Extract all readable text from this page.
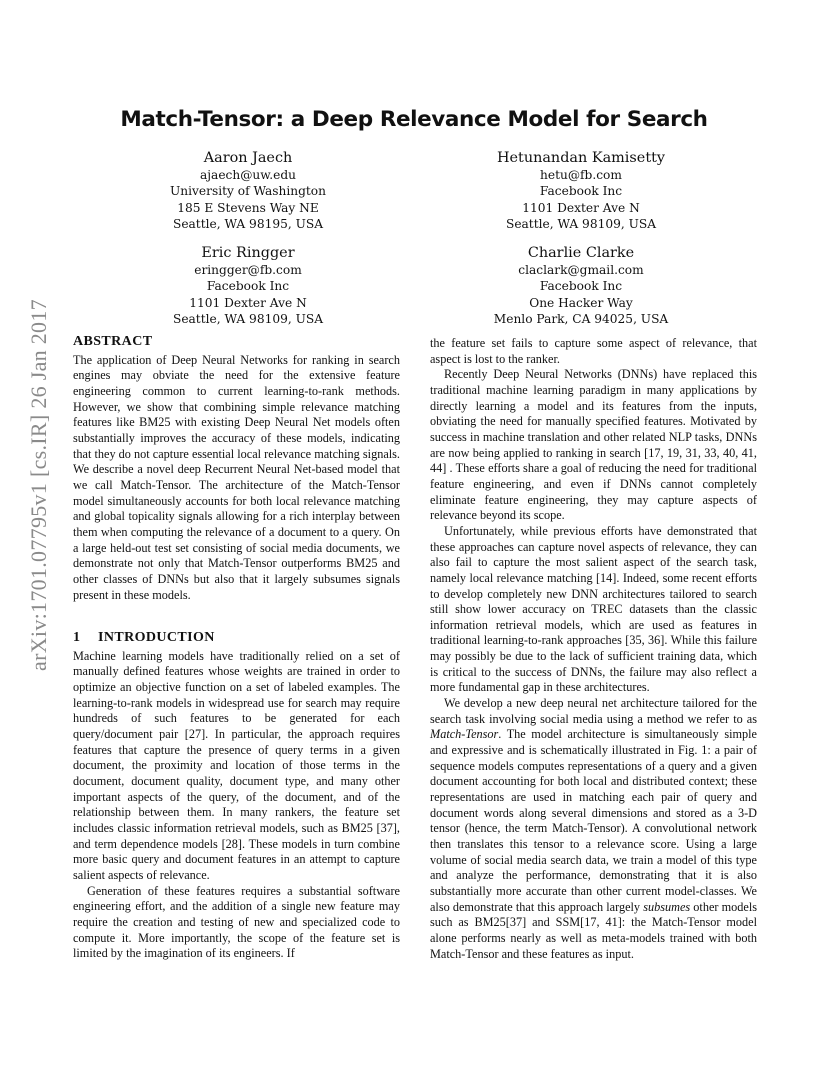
arXiv:1701.07795v1 [cs.IR] 26 Jan 2017
Match-Tensor: a Deep Relevance Model for Search
Aaron Jaech
ajaech@uw.edu
University of Washington
185 E Stevens Way NE
Seattle, WA 98195, USA
Hetunandan Kamisetty
hetu@fb.com
Facebook Inc
1101 Dexter Ave N
Seattle, WA 98109, USA
Eric Ringger
eringger@fb.com
Facebook Inc
1101 Dexter Ave N
Seattle, WA 98109, USA
Charlie Clarke
claclark@gmail.com
Facebook Inc
One Hacker Way
Menlo Park, CA 94025, USA
ABSTRACT

The application of Deep Neural Networks for ranking in search engines may obviate the need for the extensive feature engineering common to current learning-to-rank methods. However, we show that combining simple relevance matching features like BM25 with existing Deep Neural Net models often substantially improves the accuracy of these models, indicating that they do not capture essential local relevance matching signals. We describe a novel deep Recurrent Neural Net-based model that we call Match-Tensor. The architecture of the Match-Tensor model simultaneously accounts for both local relevance matching and global topicality signals allowing for a rich interplay between them when computing the relevance of a document to a query. On a large held-out test set consisting of social media documents, we demonstrate not only that Match-Tensor outperforms BM25 and other classes of DNNs but also that it largely subsumes signals present in these models.

1 INTRODUCTION

Machine learning models have traditionally relied on a set of manually defined features whose weights are trained in order to optimize an objective function on a set of labeled examples. The learning-to-rank models in widespread use for search may require hundreds of such features to be generated for each query/document pair [27]. In particular, the approach requires features that capture the presence of query terms in a given document, the proximity and location of those terms in the document, document quality, document type, and many other important aspects of the query, of the document, and of the relationship between them. In many rankers, the feature set includes classic information retrieval models, such as BM25 [37], and term dependence models [28]. These models in turn combine more basic query and document features in an attempt to capture salient aspects of relevance.

Generation of these features requires a substantial software engineering effort, and the addition of a single new feature may require the creation and testing of new and specialized code to compute it. More importantly, the scope of the feature set is limited by the imagination of its engineers. If

the feature set fails to capture some aspect of relevance, that aspect is lost to the ranker.

Recently Deep Neural Networks (DNNs) have replaced this traditional machine learning paradigm in many applications by directly learning a model and its features from the inputs, obviating the need for manually specified features. Motivated by success in machine translation and other related NLP tasks, DNNs are now being applied to ranking in search [17, 19, 31, 33, 40, 41, 44] . These efforts share a goal of reducing the need for traditional feature engineering, and even if DNNs cannot completely eliminate feature engineering, they may capture aspects of relevance beyond its scope.

Unfortunately, while previous efforts have demonstrated that these approaches can capture novel aspects of relevance, they can also fail to capture the most salient aspect of the search task, namely local relevance matching [14]. Indeed, some recent efforts to develop completely new DNN architectures tailored to search still show lower accuracy on TREC datasets than the classic information retrieval models, which are used as features in traditional learning-to-rank approaches [35, 36]. While this failure may possibly be due to the lack of sufficient training data, which is critical to the success of DNNs, the failure may also reflect a more fundamental gap in these architectures.

We develop a new deep neural net architecture tailored for the search task involving social media using a method we refer to as Match-Tensor. The model architecture is simultaneously simple and expressive and is schematically illustrated in Fig. 1: a pair of sequence models computes representations of a query and a given document accounting for both local and distributed context; these representations are used in matching each pair of query and document words along several dimensions and stored as a 3-D tensor (hence, the term Match-Tensor). A convolutional network then translates this tensor to a relevance score. Using a large volume of social media search data, we train a model of this type and analyze the performance, demonstrating that it is also substantially more accurate than other current model-classes. We also demonstrate that this approach largely subsumes other models such as BM25[37] and SSM[17, 41]: the Match-Tensor model alone performs nearly as well as meta-models trained with both Match-Tensor and these features as input.
